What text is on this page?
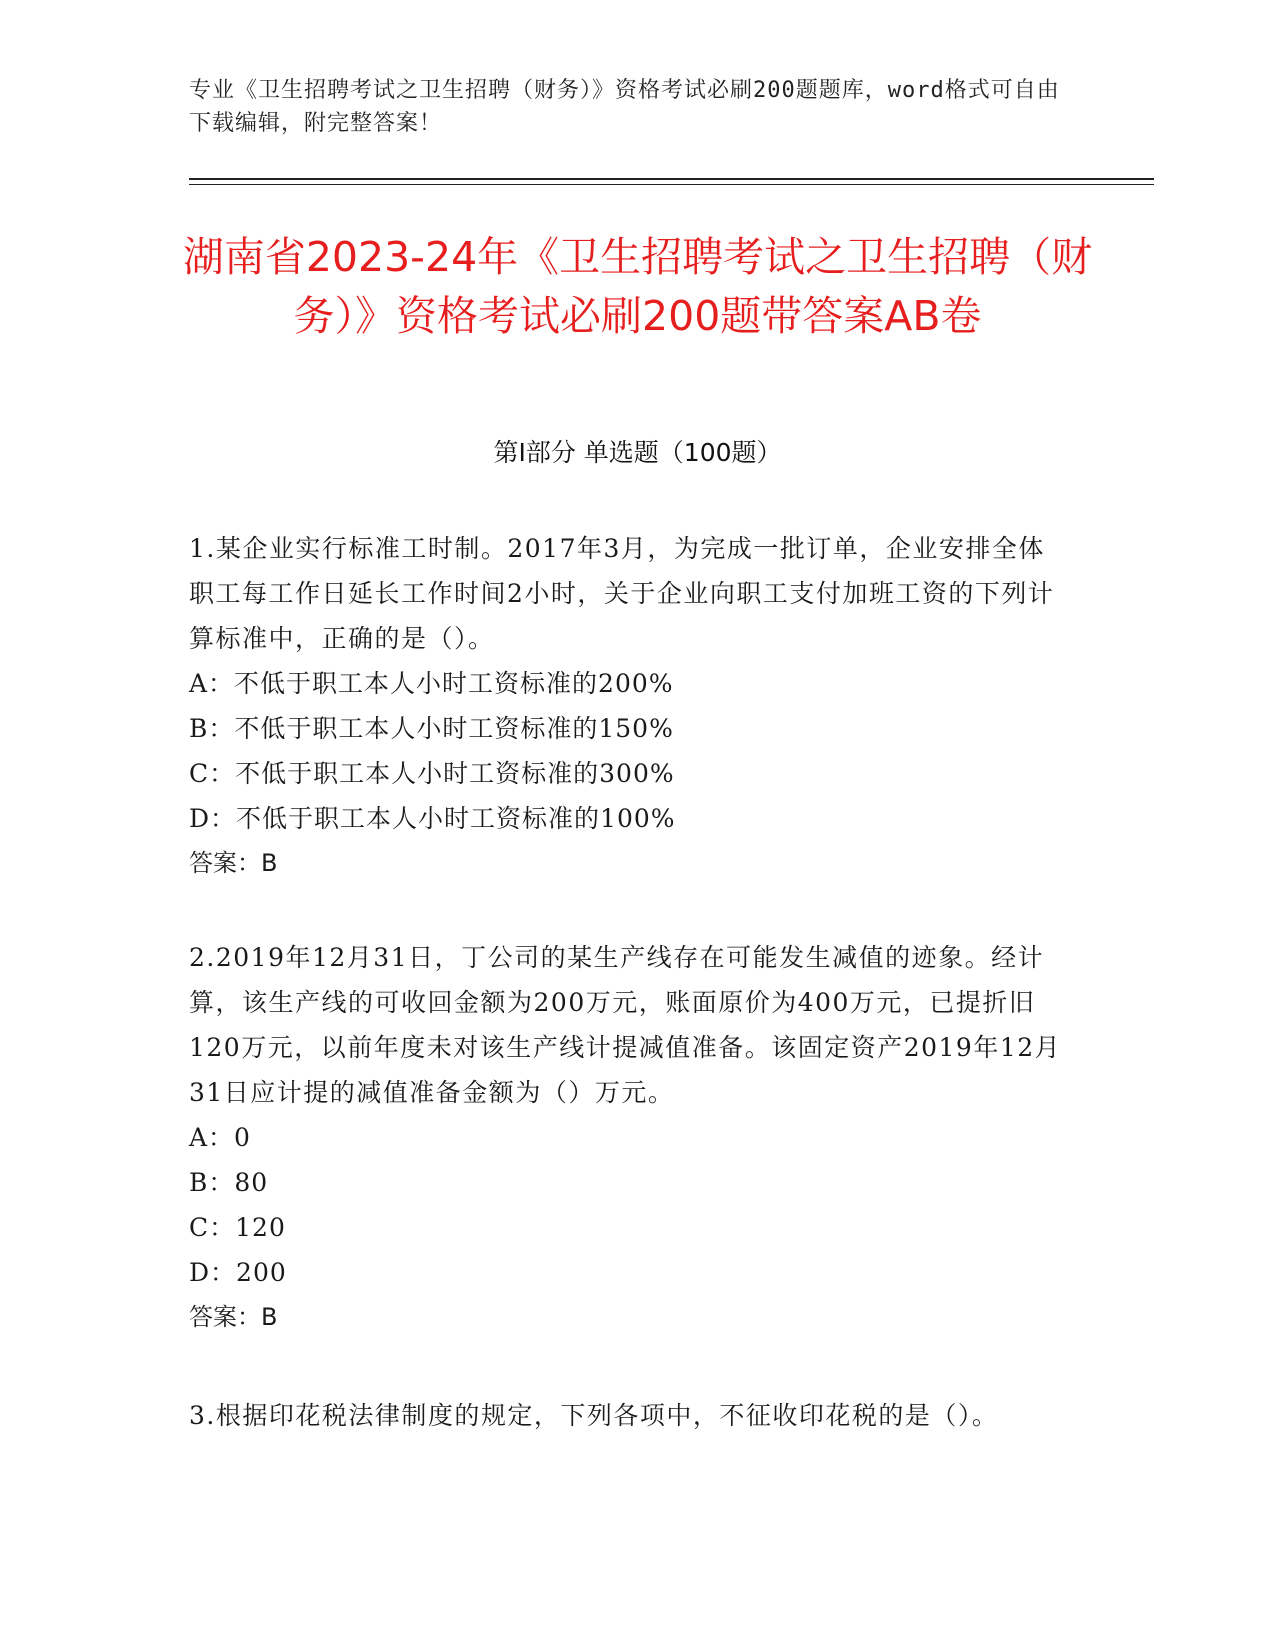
专业《卫生招聘考试之卫生招聘（财务）》资格考试必刷200题题库，word格式可自由下载编辑，附完整答案！
湖南省2023-24年《卫生招聘考试之卫生招聘（财务）》资格考试必刷200题带答案AB卷
第I部分 单选题（100题）
1.某企业实行标准工时制。2017年3月，为完成一批订单，企业安排全体职工每工作日延长工作时间2小时，关于企业向职工支付加班工资的下列计算标准中，正确的是（）。
A：不低于职工本人小时工资标准的200%
B：不低于职工本人小时工资标准的150%
C：不低于职工本人小时工资标准的300%
D：不低于职工本人小时工资标准的100%
答案：B
2.2019年12月31日，丁公司的某生产线存在可能发生减值的迹象。经计算，该生产线的可收回金额为200万元，账面原价为400万元，已提折旧120万元，以前年度未对该生产线计提减值准备。该固定资产2019年12月31日应计提的减值准备金额为（）万元。
A：0
B：80
C：120
D：200
答案：B
3.根据印花税法律制度的规定，下列各项中，不征收印花税的是（）。
